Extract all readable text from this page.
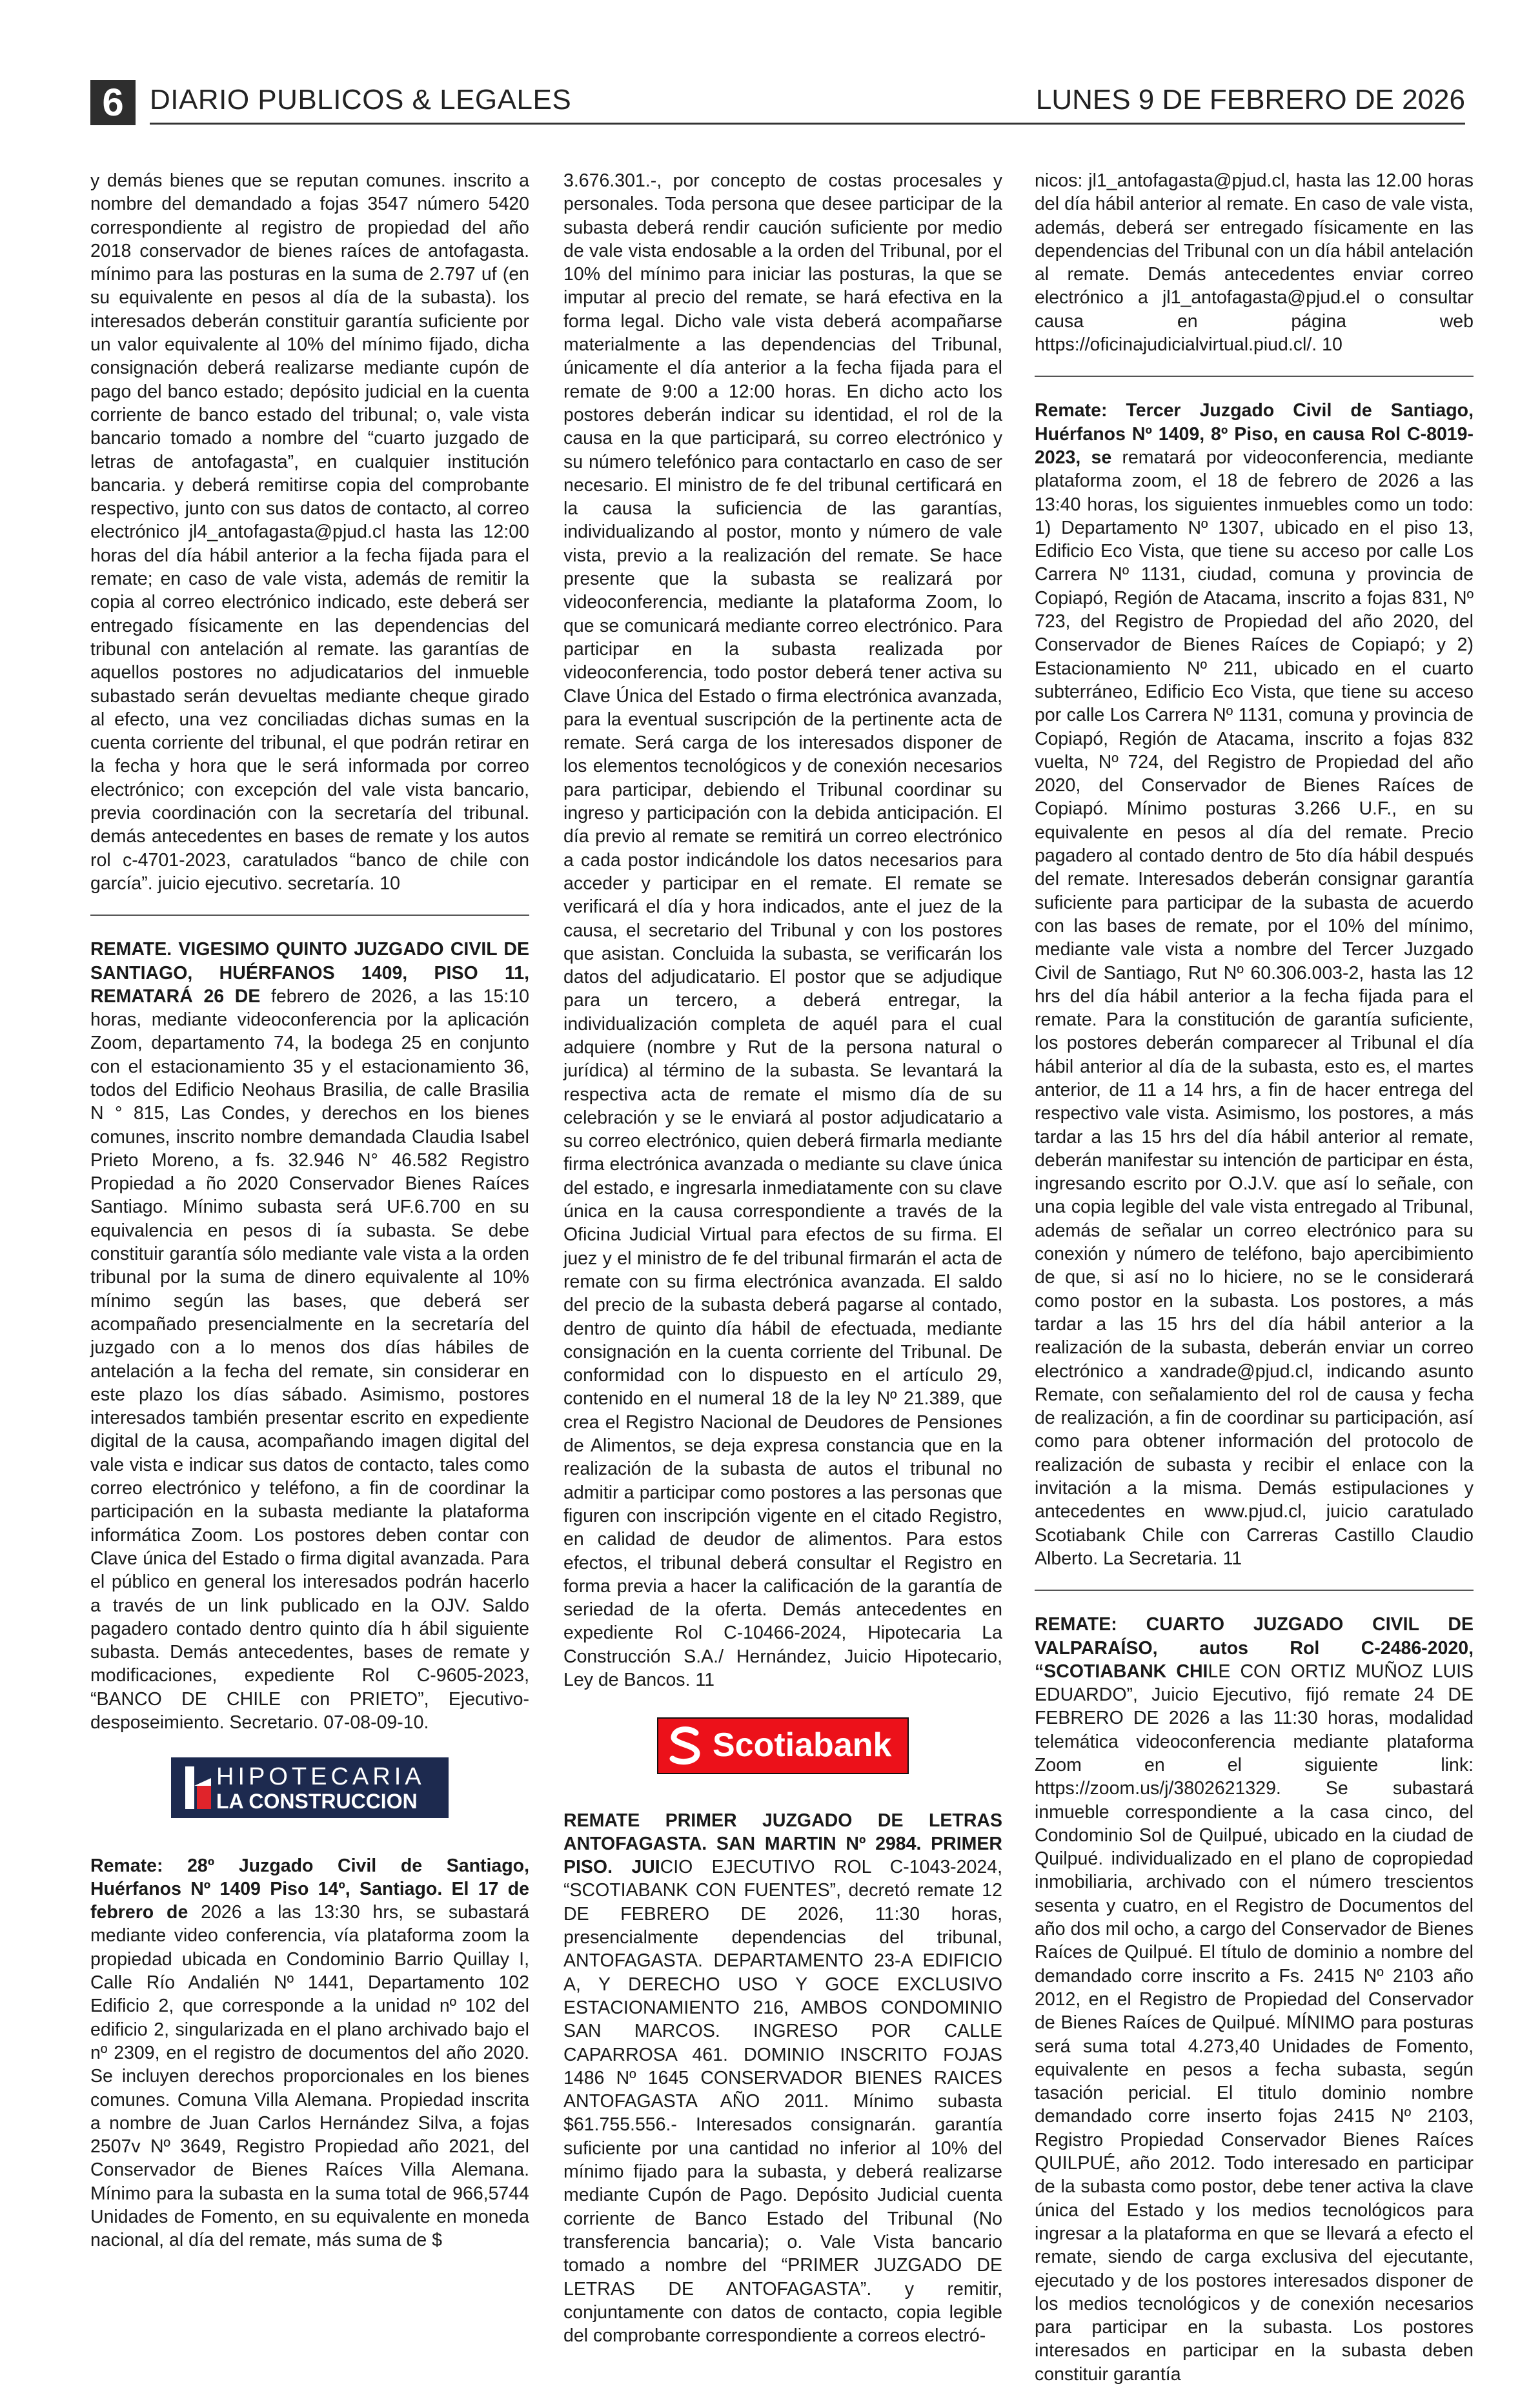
6 DIARIO PUBLICOS & LEGALES	LUNES 9 DE FEBRERO DE 2026

y demás bienes que se reputan comunes. inscrito a nombre del demandado a fojas 3547 número 5420 correspondiente al registro de propiedad del año 2018 conservador de bienes raíces de antofagasta. mínimo para las posturas en la suma de 2.797 uf (en su equivalente en pesos al día de la subasta). los interesados deberán constituir garantía suficiente por un valor equivalente al 10% del mínimo fijado, dicha consignación deberá realizarse mediante cupón de pago del banco estado; depósito judicial en la cuenta corriente de banco estado del tribunal; o, vale vista bancario tomado a nombre del “cuarto juzgado de letras de antofagasta”, en cualquier institución bancaria. y deberá remitirse copia del comprobante respectivo, junto con sus datos de contacto, al correo electrónico jl4_antofagasta@pjud.cl hasta las 12:00 horas del día hábil anterior a la fecha fijada para el remate; en caso de vale vista, además de remitir la copia al correo electrónico indicado, este deberá ser entregado físicamente en las dependencias del tribunal con antelación al remate. las garantías de aquellos postores no adjudicatarios del inmueble subastado serán devueltas mediante cheque girado al efecto, una vez conciliadas dichas sumas en la cuenta corriente del tribunal, el que podrán retirar en la fecha y hora que le será informada por correo electrónico; con excepción del vale vista bancario, previa coordinación con la secretaría del tribunal. demás antecedentes en bases de remate y los autos rol c-4701-2023, caratulados “banco de chile con garcía”. juicio ejecutivo. secretaría. 10

REMATE. VIGESIMO QUINTO JUZGADO CIVIL DE SANTIAGO, HUÉRFANOS 1409, PISO 11, REMATARÁ 26 DE febrero de 2026, a las 15:10 horas, mediante videoconferencia por la aplicación Zoom, departamento 74, la bodega 25 en conjunto con el estacionamiento 35 y el estacionamiento 36, todos del Edificio Neohaus Brasilia, de calle Brasilia N ° 815, Las Condes, y derechos en los bienes comunes, inscrito nombre demandada Claudia Isabel Prieto Moreno, a fs. 32.946 N° 46.582 Registro Propiedad a ño 2020 Conservador Bienes Raíces Santiago. Mínimo subasta será UF.6.700 en su equivalencia en pesos di ía subasta. Se debe constituir garantía sólo mediante vale vista a la orden tribunal por la suma de dinero equivalente al 10% mínimo según las bases, que deberá ser acompañado presencialmente en la secretaría del juzgado con a lo menos dos días hábiles de antelación a la fecha del remate, sin considerar en este plazo los días sábado. Asimismo, postores interesados también presentar escrito en expediente digital de la causa, acompañando imagen digital del vale vista e indicar sus datos de contacto, tales como correo electrónico y teléfono, a fin de coordinar la participación en la subasta mediante la plataforma informática Zoom. Los postores deben contar con Clave única del Estado o firma digital avanzada. Para el público en general los interesados podrán hacerlo a través de un link publicado en la OJV. Saldo pagadero contado dentro quinto día h ábil siguiente subasta. Demás antecedentes, bases de remate y modificaciones, expediente Rol C-9605-2023, “BANCO DE CHILE con PRIETO”, Ejecutivo-desposeimiento. Secretario. 07-08-09-10.

HIPOTECARIA
LA CONSTRUCCION

Remate: 28º Juzgado Civil de Santiago, Huérfanos Nº 1409 Piso 14º, Santiago. El 17 de febrero de 2026 a las 13:30 hrs, se subastará mediante video conferencia, vía plataforma zoom la propiedad ubicada en Condominio Barrio Quillay I, Calle Río Andalién Nº 1441, Departamento 102 Edificio 2, que corresponde a la unidad nº 102 del edificio 2, singularizada en el plano archivado bajo el nº 2309, en el registro de documentos del año 2020. Se incluyen derechos proporcionales en los bienes comunes. Comuna Villa Alemana. Propiedad inscrita a nombre de Juan Carlos Hernández Silva, a fojas 2507v Nº 3649, Registro Propiedad año 2021, del Conservador de Bienes Raíces Villa Alemana. Mínimo para la subasta en la suma total de 966,5744 Unidades de Fomento, en su equivalente en moneda nacional, al día del remate, más suma de $

3.676.301.-, por concepto de costas procesales y personales. Toda persona que desee participar de la subasta deberá rendir caución suficiente por medio de vale vista endosable a la orden del Tribunal, por el 10% del mínimo para iniciar las posturas, la que se imputar al precio del remate, se hará efectiva en la forma legal. Dicho vale vista deberá acompañarse materialmente a las dependencias del Tribunal, únicamente el día anterior a la fecha fijada para el remate de 9:00 a 12:00 horas. En dicho acto los postores deberán indicar su identidad, el rol de la causa en la que participará, su correo electrónico y su número telefónico para contactarlo en caso de ser necesario. El ministro de fe del tribunal certificará en la causa la suficiencia de las garantías, individualizando al postor, monto y número de vale vista, previo a la realización del remate. Se hace presente que la subasta se realizará por videoconferencia, mediante la plataforma Zoom, lo que se comunicará mediante correo electrónico. Para participar en la subasta realizada por videoconferencia, todo postor deberá tener activa su Clave Única del Estado o firma electrónica avanzada, para la eventual suscripción de la pertinente acta de remate. Será carga de los interesados disponer de los elementos tecnológicos y de conexión necesarios para participar, debiendo el Tribunal coordinar su ingreso y participación con la debida anticipación. El día previo al remate se remitirá un correo electrónico a cada postor indicándole los datos necesarios para acceder y participar en el remate. El remate se verificará el día y hora indicados, ante el juez de la causa, el secretario del Tribunal y con los postores que asistan. Concluida la subasta, se verificarán los datos del adjudicatario. El postor que se adjudique para un tercero, a deberá entregar, la individualización completa de aquél para el cual adquiere (nombre y Rut de la persona natural o jurídica) al término de la subasta. Se levantará la respectiva acta de remate el mismo día de su celebración y se le enviará al postor adjudicatario a su correo electrónico, quien deberá firmarla mediante firma electrónica avanzada o mediante su clave única del estado, e ingresarla inmediatamente con su clave única en la causa correspondiente a través de la Oficina Judicial Virtual para efectos de su firma. El juez y el ministro de fe del tribunal firmarán el acta de remate con su firma electrónica avanzada. El saldo del precio de la subasta deberá pagarse al contado, dentro de quinto día hábil de efectuada, mediante consignación en la cuenta corriente del Tribunal. De conformidad con lo dispuesto en el artículo 29, contenido en el numeral 18 de la ley Nº 21.389, que crea el Registro Nacional de Deudores de Pensiones de Alimentos, se deja expresa constancia que en la realización de la subasta de autos el tribunal no admitir a participar como postores a las personas que figuren con inscripción vigente en el citado Registro, en calidad de deudor de alimentos. Para estos efectos, el tribunal deberá consultar el Registro en forma previa a hacer la calificación de la garantía de seriedad de la oferta. Demás antecedentes en expediente Rol C-10466-2024, Hipotecaria La Construcción S.A./ Hernández, Juicio Hipotecario, Ley de Bancos. 11

Scotiabank

REMATE PRIMER JUZGADO DE LETRAS ANTOFAGASTA. SAN MARTIN Nº 2984. PRIMER PISO. JUICIO EJECUTIVO ROL C-1043-2024, “SCOTIABANK CON FUENTES”, decretó remate 12 DE FEBRERO DE 2026, 11:30 horas, presencialmente dependencias del tribunal, ANTOFAGASTA. DEPARTAMENTO 23-A EDIFICIO A, Y DERECHO USO Y GOCE EXCLUSIVO ESTACIONAMIENTO 216, AMBOS CONDOMINIO SAN MARCOS. INGRESO POR CALLE CAPARROSA 461. DOMINIO INSCRITO FOJAS 1486 Nº 1645 CONSERVADOR BIENES RAICES ANTOFAGASTA AÑO 2011. Mínimo subasta $61.755.556.- Interesados consignarán. garantía suficiente por una cantidad no inferior al 10% del mínimo fijado para la subasta, y deberá realizarse mediante Cupón de Pago. Depósito Judicial cuenta corriente de Banco Estado del Tribunal (No transferencia bancaria); o. Vale Vista bancario tomado a nombre del “PRIMER JUZGADO DE LETRAS DE ANTOFAGASTA”. y remitir, conjuntamente con datos de contacto, copia legible del comprobante correspondiente a correos electró-

nicos: jl1_antofagasta@pjud.cl, hasta las 12.00 horas del día hábil anterior al remate. En caso de vale vista, además, deberá ser entregado físicamente en las dependencias del Tribunal con un día hábil antelación al remate. Demás antecedentes enviar correo electrónico a jl1_antofagasta@pjud.el o consultar causa en página web https://oficinajudicialvirtual.piud.cl/. 10

Remate: Tercer Juzgado Civil de Santiago, Huérfanos Nº 1409, 8º Piso, en causa Rol C-8019-2023, se rematará por videoconferencia, mediante plataforma zoom, el 18 de febrero de 2026 a las 13:40 horas, los siguientes inmuebles como un todo: 1) Departamento Nº 1307, ubicado en el piso 13, Edificio Eco Vista, que tiene su acceso por calle Los Carrera Nº 1131, ciudad, comuna y provincia de Copiapó, Región de Atacama, inscrito a fojas 831, Nº 723, del Registro de Propiedad del año 2020, del Conservador de Bienes Raíces de Copiapó; y 2) Estacionamiento Nº 211, ubicado en el cuarto subterráneo, Edificio Eco Vista, que tiene su acceso por calle Los Carrera Nº 1131, comuna y provincia de Copiapó, Región de Atacama, inscrito a fojas 832 vuelta, Nº 724, del Registro de Propiedad del año 2020, del Conservador de Bienes Raíces de Copiapó. Mínimo posturas 3.266 U.F., en su equivalente en pesos al día del remate. Precio pagadero al contado dentro de 5to día hábil después del remate. Interesados deberán consignar garantía suficiente para participar de la subasta de acuerdo con las bases de remate, por el 10% del mínimo, mediante vale vista a nombre del Tercer Juzgado Civil de Santiago, Rut Nº 60.306.003-2, hasta las 12 hrs del día hábil anterior a la fecha fijada para el remate. Para la constitución de garantía suficiente, los postores deberán comparecer al Tribunal el día hábil anterior al día de la subasta, esto es, el martes anterior, de 11 a 14 hrs, a fin de hacer entrega del respectivo vale vista. Asimismo, los postores, a más tardar a las 15 hrs del día hábil anterior al remate, deberán manifestar su intención de participar en ésta, ingresando escrito por O.J.V. que así lo señale, con una copia legible del vale vista entregado al Tribunal, además de señalar un correo electrónico para su conexión y número de teléfono, bajo apercibimiento de que, si así no lo hiciere, no se le considerará como postor en la subasta. Los postores, a más tardar a las 15 hrs del día hábil anterior a la realización de la subasta, deberán enviar un correo electrónico a xandrade@pjud.cl, indicando asunto Remate, con señalamiento del rol de causa y fecha de realización, a fin de coordinar su participación, así como para obtener información del protocolo de realización de subasta y recibir el enlace con la invitación a la misma. Demás estipulaciones y antecedentes en www.pjud.cl, juicio caratulado Scotiabank Chile con Carreras Castillo Claudio Alberto. La Secretaria. 11

REMATE: CUARTO JUZGADO CIVIL DE VALPARAÍSO, autos Rol C-2486-2020, “SCOTIABANK CHILE CON ORTIZ MUÑOZ LUIS EDUARDO”, Juicio Ejecutivo, fijó remate 24 DE FEBRERO DE 2026 a las 11:30 horas, modalidad telemática videoconferencia mediante plataforma Zoom en el siguiente link: https://zoom.us/j/3802621329. Se subastará inmueble correspondiente a la casa cinco, del Condominio Sol de Quilpué, ubicado en la ciudad de Quilpué. individualizado en el plano de copropiedad inmobiliaria, archivado con el número trescientos sesenta y cuatro, en el Registro de Documentos del año dos mil ocho, a cargo del Conservador de Bienes Raíces de Quilpué. El título de dominio a nombre del demandado corre inscrito a Fs. 2415 Nº 2103 año 2012, en el Registro de Propiedad del Conservador de Bienes Raíces de Quilpué. MÍNIMO para posturas será suma total 4.273,40 Unidades de Fomento, equivalente en pesos a fecha subasta, según tasación pericial. El titulo dominio nombre demandado corre inserto fojas 2415 Nº 2103, Registro Propiedad Conservador Bienes Raíces QUILPUÉ, año 2012. Todo interesado en participar de la subasta como postor, debe tener activa la clave única del Estado y los medios tecnológicos para ingresar a la plataforma en que se llevará a efecto el remate, siendo de carga exclusiva del ejecutante, ejecutado y de los postores interesados disponer de los medios tecnológicos y de conexión necesarios para participar en la subasta. Los postores interesados en participar en la subasta deben constituir garantía
